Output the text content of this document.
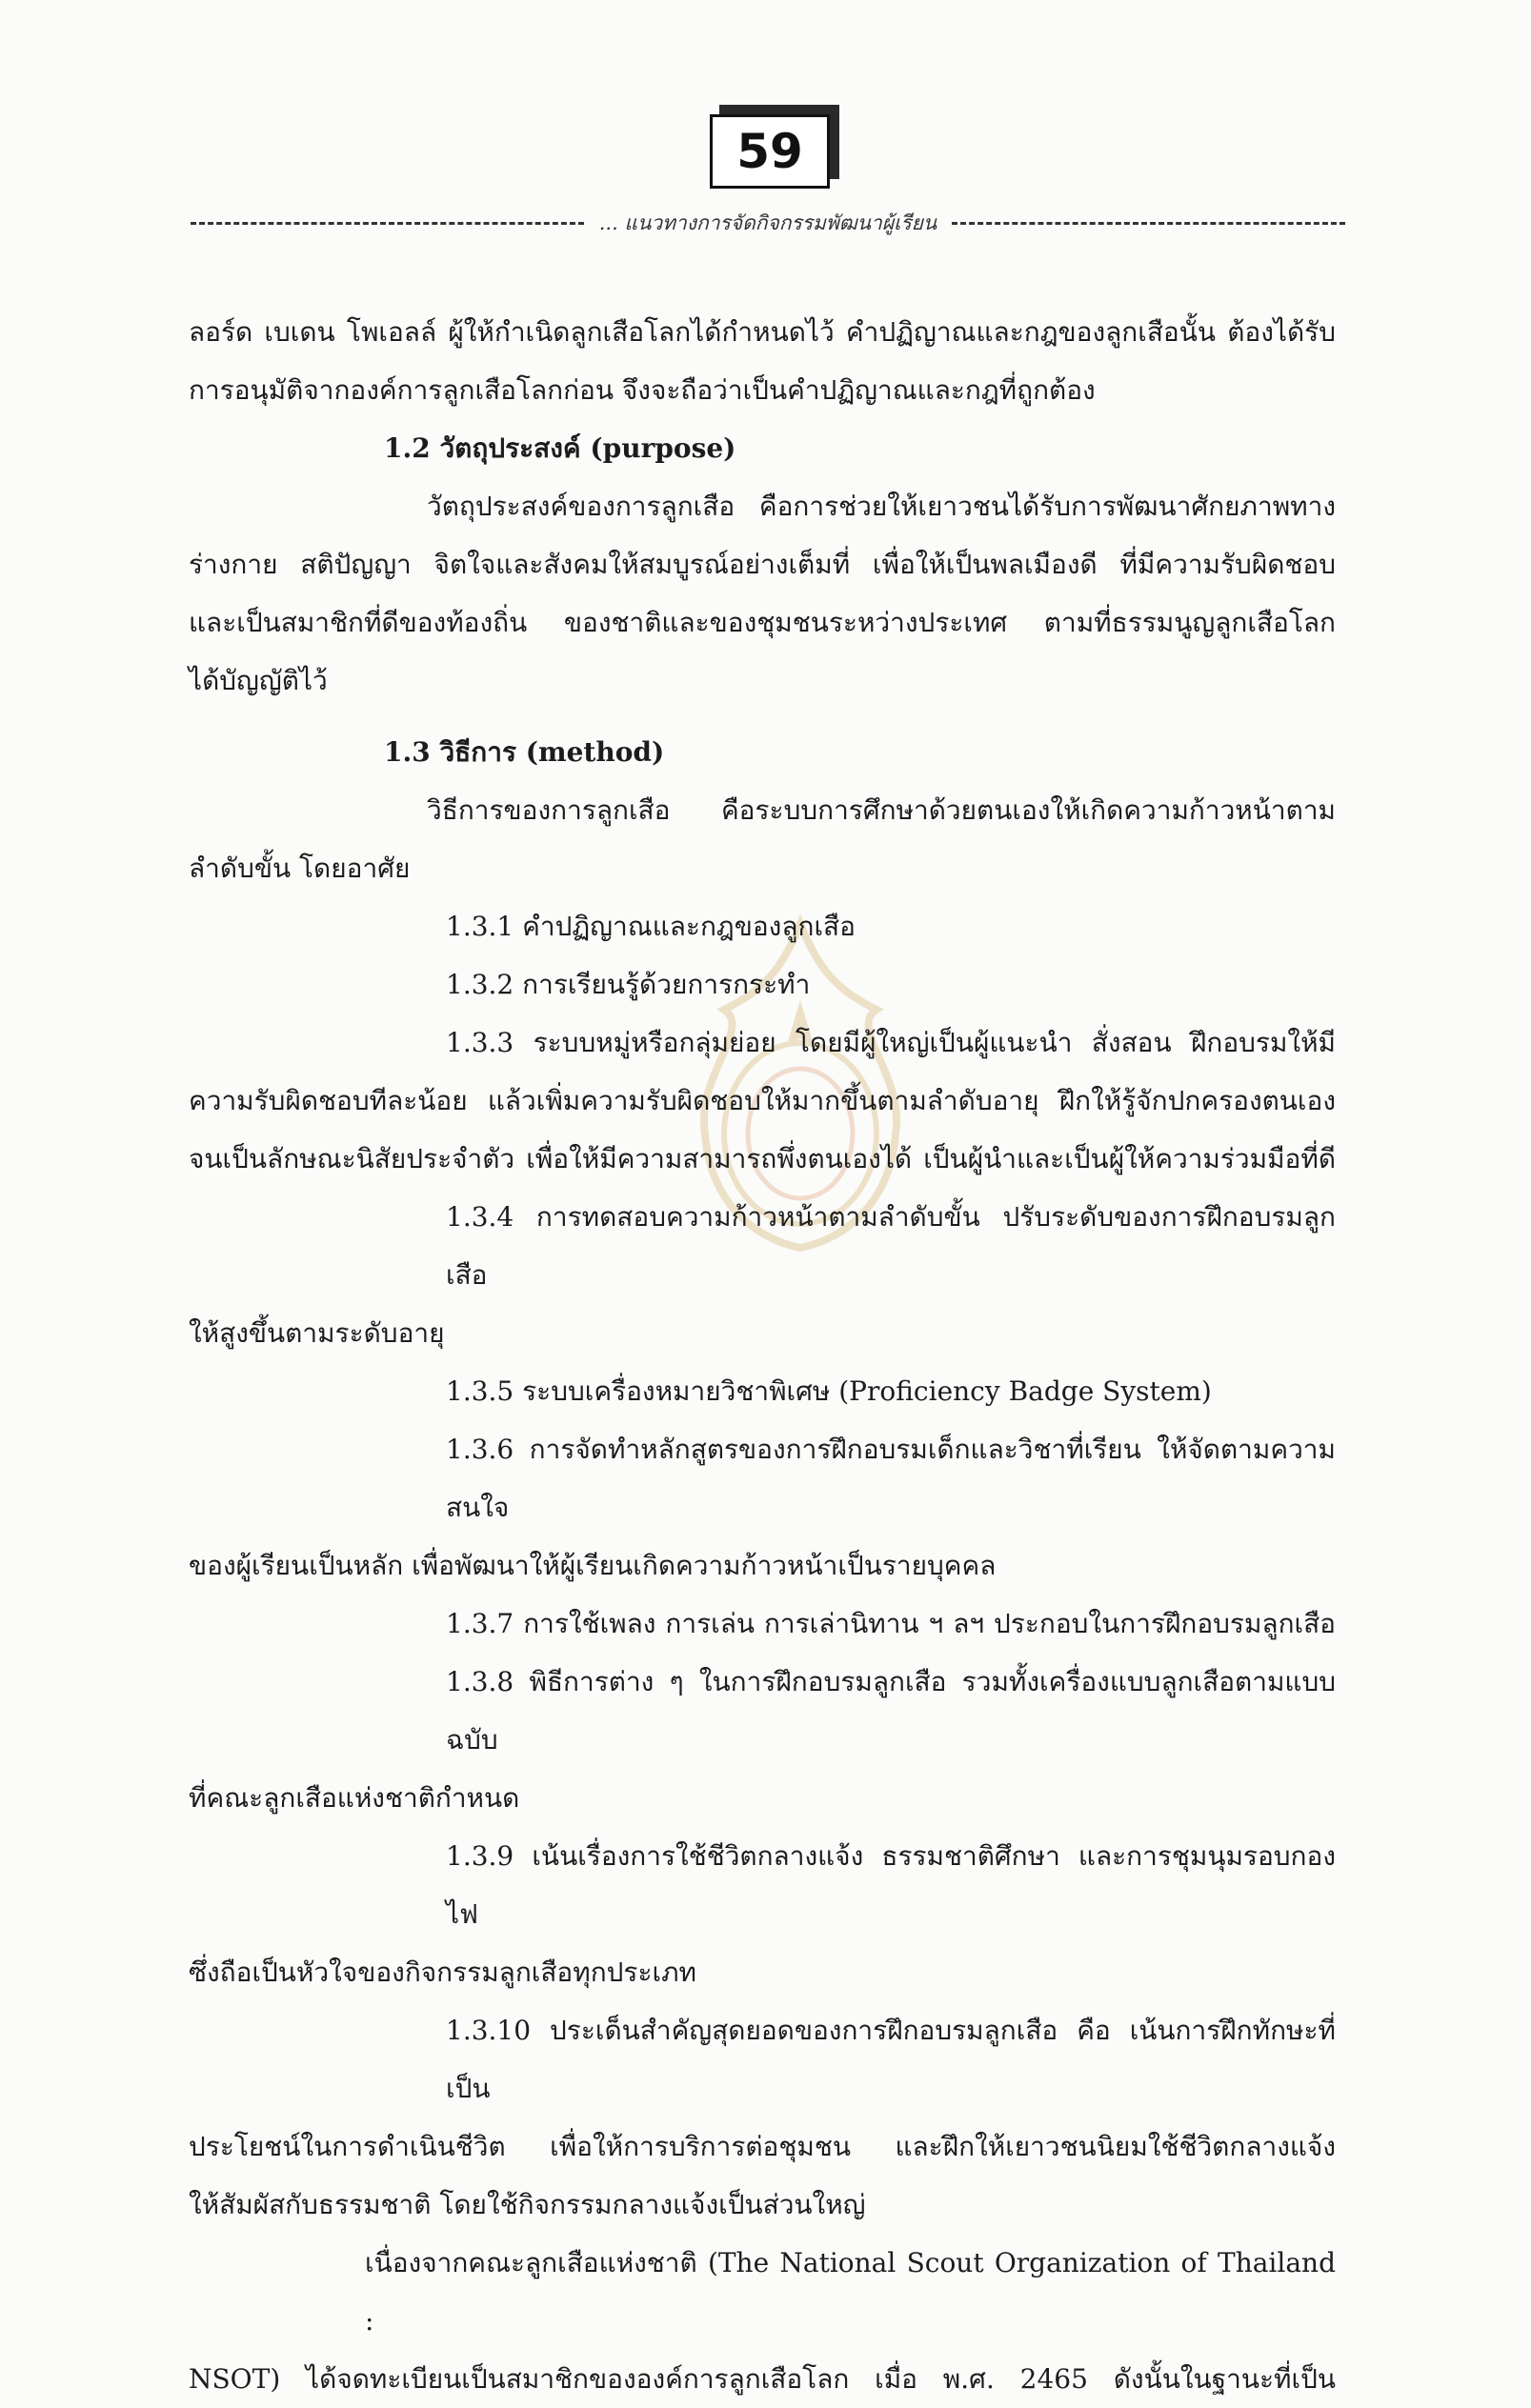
59
... แนวทางการจัดกิจกรรมพัฒนาผู้เรียน

ลอร์ด เบเดน โพเอลล์ ผู้ให้กำเนิดลูกเสือโลกได้กำหนดไว้ คำปฏิญาณและกฎของลูกเสือนั้น ต้องได้รับ

การอนุมัติจากองค์การลูกเสือโลกก่อน จึงจะถือว่าเป็นคำปฏิญาณและกฎที่ถูกต้อง

1.2 วัตถุประสงค์ (purpose)

วัตถุประสงค์ของการลูกเสือ คือการช่วยให้เยาวชนได้รับการพัฒนาศักยภาพทาง

ร่างกาย สติปัญญา จิตใจและสังคมให้สมบูรณ์อย่างเต็มที่ เพื่อให้เป็นพลเมืองดี ที่มีความรับผิดชอบ

และเป็นสมาชิกที่ดีของท้องถิ่น ของชาติและของชุมชนระหว่างประเทศ ตามที่ธรรมนูญลูกเสือโลก

ได้บัญญัติไว้

1.3 วิธีการ (method)

วิธีการของการลูกเสือ คือระบบการศึกษาด้วยตนเองให้เกิดความก้าวหน้าตาม

ลำดับขั้น โดยอาศัย

1.3.1 คำปฏิญาณและกฎของลูกเสือ

1.3.2 การเรียนรู้ด้วยการกระทำ

1.3.3 ระบบหมู่หรือกลุ่มย่อย โดยมีผู้ใหญ่เป็นผู้แนะนำ สั่งสอน ฝึกอบรมให้มี

ความรับผิดชอบทีละน้อย แล้วเพิ่มความรับผิดชอบให้มากขึ้นตามลำดับอายุ ฝึกให้รู้จักปกครองตนเอง

จนเป็นลักษณะนิสัยประจำตัว เพื่อให้มีความสามารถพึ่งตนเองได้ เป็นผู้นำและเป็นผู้ให้ความร่วมมือที่ดี

1.3.4 การทดสอบความก้าวหน้าตามลำดับขั้น ปรับระดับของการฝึกอบรมลูกเสือ

ให้สูงขึ้นตามระดับอายุ

1.3.5 ระบบเครื่องหมายวิชาพิเศษ (Proficiency Badge System)

1.3.6 การจัดทำหลักสูตรของการฝึกอบรมเด็กและวิชาที่เรียน ให้จัดตามความสนใจ

ของผู้เรียนเป็นหลัก เพื่อพัฒนาให้ผู้เรียนเกิดความก้าวหน้าเป็นรายบุคคล

1.3.7 การใช้เพลง การเล่น การเล่านิทาน ฯ ลฯ ประกอบในการฝึกอบรมลูกเสือ

1.3.8 พิธีการต่าง ๆ ในการฝึกอบรมลูกเสือ รวมทั้งเครื่องแบบลูกเสือตามแบบฉบับ

ที่คณะลูกเสือแห่งชาติกำหนด

1.3.9 เน้นเรื่องการใช้ชีวิตกลางแจ้ง ธรรมชาติศึกษา และการชุมนุมรอบกองไฟ

ซึ่งถือเป็นหัวใจของกิจกรรมลูกเสือทุกประเภท

1.3.10 ประเด็นสำคัญสุดยอดของการฝึกอบรมลูกเสือ คือ เน้นการฝึกทักษะที่เป็น

ประโยชน์ในการดำเนินชีวิต เพื่อให้การบริการต่อชุมชน และฝึกให้เยาวชนนิยมใช้ชีวิตกลางแจ้ง

ให้สัมผัสกับธรรมชาติ โดยใช้กิจกรรมกลางแจ้งเป็นส่วนใหญ่

เนื่องจากคณะลูกเสือแห่งชาติ (The National Scout Organization of Thailand :

NSOT) ได้จดทะเบียนเป็นสมาชิกขององค์การลูกเสือโลก เมื่อ พ.ศ. 2465 ดังนั้นในฐานะที่เป็น
